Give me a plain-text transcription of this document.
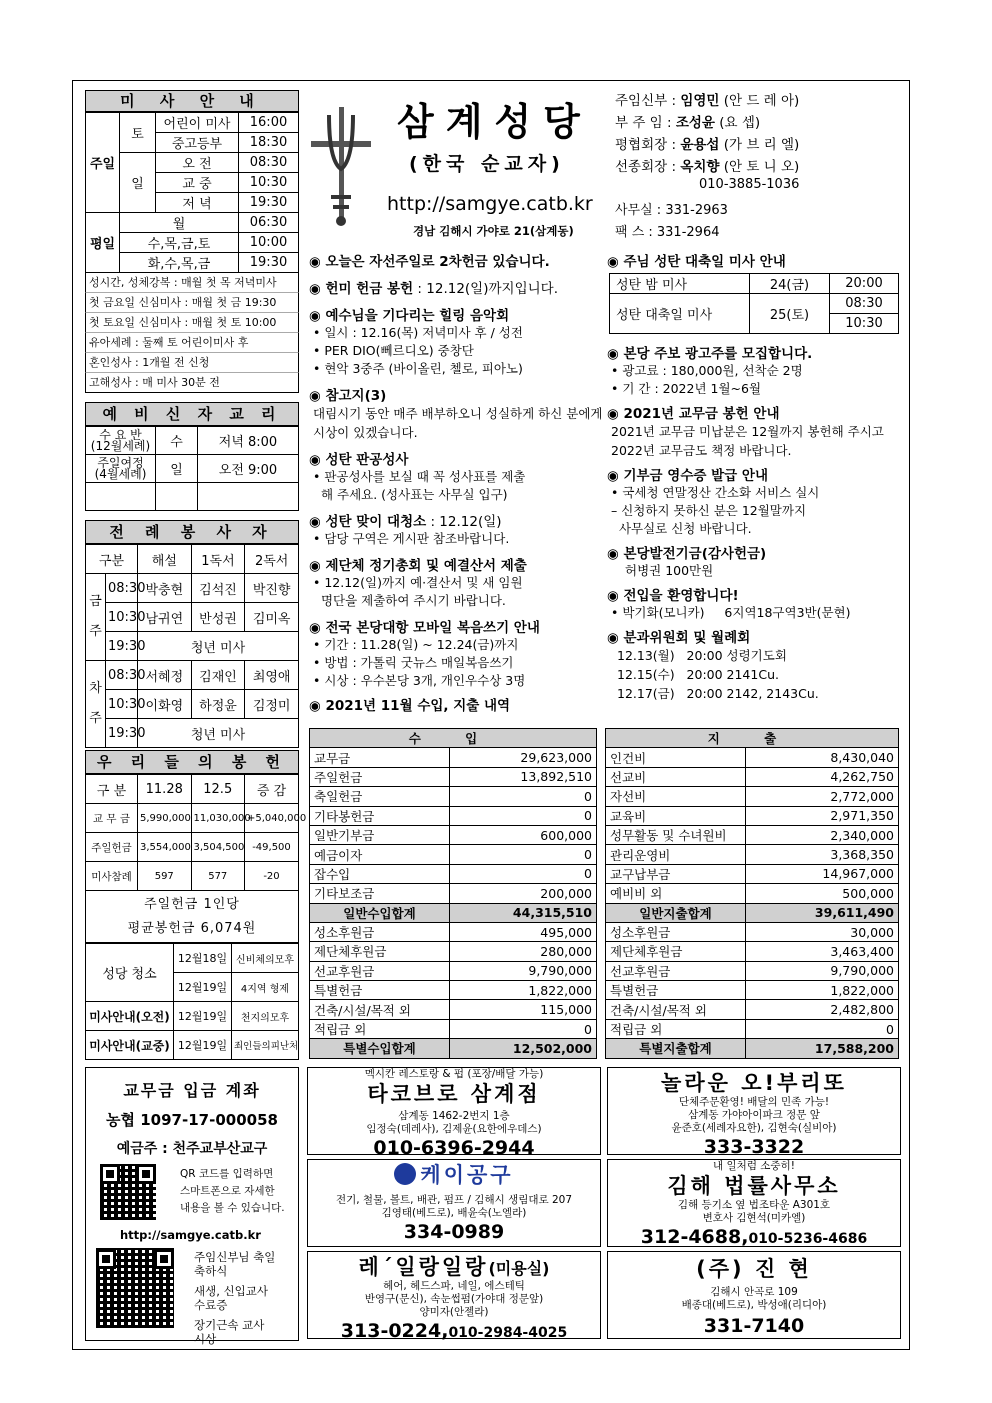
미 사 안 내
주일	토	어린이 미사	16:00
		중고등부	18:30
	일	오 전	08:30
		교 중	10:30
		저 녁	19:30
평일	월		06:30
	수,목,금,토		10:00
	화,수,목,금		19:30
성시간, 성체강복 : 매월 첫 목 저녁미사
첫 금요일 신심미사 : 매월 첫 금 19:30
첫 토요일 신심미사 : 매월 첫 토 10:00
유아세례 : 둘째 토 어린이미사 후
혼인성사 : 1개월 전 신청
고해성사 : 매 미사 30분 전
예 비 신 자 교 리
수 요 반
(12월세례)	수	저녁 8:00
주일여정
(4월세례)	일	오전 9:00

전 례 봉 사 자
구분		해설	1독서	2독서
금 주	08:30	박충현	김석진	박진향
	10:30	남귀연	반성권	김미옥
	19:30	청년 미사		
차 주	08:30	서혜정	김재인	최영애
	10:30	이화영	하정윤	김정미
	19:30	청년 미사		
우 리 들 의 봉 헌
구 분	11.28	12.5	증 감
교 무 금	5,990,000	11,030,000	+5,040,000
주일헌금	3,554,000	3,504,500	-49,500
미사참례	597	577	-20
주일헌금 1인당
평균봉헌금 6,074원			
성당 청소	12월18일	신비체의모후
	12월19일	4지역 형제
미사안내(오전)	12월19일	천지의모후
미사안내(교중)	12월19일	죄인들의피난처
삼계성당
(한국 순교자)
http://samgye.catb.kr
경남 김해시 가야로 21(삼계동)
주임신부 : 임영민 (안 드 레 아)
부 주 임 : 조성윤 (요 셉)
평협회장 : 윤용섭 (가 브 리 엘)
선종회장 : 옥치향 (안 토 니 오)
010-3885-1036
사무실 : 331-2963
팩 스 : 331-2964
◉ 오늘은 자선주일로 2차헌금 있습니다.
◉ 헌미 헌금 봉헌 : 12.12(일)까지입니다.
◉ 예수님을 기다리는 힐링 음악회
• 일시 : 12.16(목) 저녁미사 후 / 성전
• PER DIO(뻬르디오) 중창단
• 현악 3중주 (바이올린, 첼로, 피아노)
◉ 참고지(3)
대림시기 동안 매주 배부하오니 성실하게 하신 분에게 시상이 있겠습니다.
◉ 성탄 판공성사
• 판공성사를 보실 때 꼭 성사표를 제출
해 주세요. (성사표는 사무실 입구)
◉ 성탄 맞이 대청소 : 12.12(일)
• 담당 구역은 게시판 참조바랍니다.
◉ 제단체 정기총회 및 예결산서 제출
• 12.12(일)까지 예·결산서 및 새 임원
명단을 제출하여 주시기 바랍니다.
◉ 전국 본당대항 모바일 복음쓰기 안내
• 기간 : 11.28(일) ~ 12.24(금)까지
• 방법 : 가톨릭 굿뉴스 매일복음쓰기
• 시상 : 우수본당 3개, 개인우수상 3명
◉ 2021년 11월 수입, 지출 내역
◉ 주님 성탄 대축일 미사 안내
성탄 밤 미사	24(금)	20:00
성탄 대축일 미사	25(토)	08:30
		10:30
◉ 본당 주보 광고주를 모집합니다.
• 광고료 : 180,000원, 선착순 2명
• 기 간 : 2022년 1월~6월
◉ 2021년 교무금 봉헌 안내
2021년 교무금 미납분은 12월까지 봉헌해 주시고 2022년 교무금도 책정 바랍니다.
◉ 기부금 영수증 발급 안내
• 국세청 연말정산 간소화 서비스 실시
– 신청하지 못하신 분은 12월말까지
사무실로 신청 바랍니다.
◉ 본당발전기금(감사헌금)
허병권 100만원
◉ 전입을 환영합니다!
• 박기화(모니카)     6지역18구역3반(문현)
◉ 분과위원회 및 월례회
12.13(월)   20:00 성령기도회
12.15(수)   20:00 2141Cu.
12.17(금)   20:00 2142, 2143Cu.
수 입	
교무금	29,623,000
주일헌금	13,892,510
축일헌금	0
기타봉헌금	0
일반기부금	600,000
예금이자	0
잡수입	0
기타보조금	200,000
일반수입합계	44,315,510
성소후원금	495,000
제단체후원금	280,000
선교후원금	9,790,000
특별헌금	1,822,000
건축/시설/목적 외	115,000
적립금 외	0
특별수입합계	12,502,000
지 출	
인건비	8,430,040
선교비	4,262,750
자선비	2,772,000
교육비	2,971,350
성무활동 및 수녀원비	2,340,000
관리운영비	3,368,350
교구납부금	14,967,000
예비비 외	500,000
일반지출합계	39,611,490
성소후원금	30,000
제단체후원금	3,463,400
선교후원금	9,790,000
특별헌금	1,822,000
건축/시설/목적 외	2,482,800
적립금 외	0
특별지출합계	17,588,200
교무금 입금 계좌
농협 1097-17-000058
예금주 : 천주교부산교구
QR 코드를 입력하면
스마트폰으로 자세한
내용을 볼 수 있습니다.
http://samgye.catb.kr
주임신부님 축일
축하식
새생, 신입교사
수료증
장기근속 교사
시상
멕시칸 레스토랑 & 펍 (포장/배달 가능)
타코브로 삼계점
삼계동 1462-2번지 1층
임정숙(데레사), 김제윤(요한에우데스)
010-6396-2944
놀라운 오!부리또
단체주문환영! 배달의 민족 가능!
삼계동 가야아이파크 정문 앞
윤준호(세례자요한), 김현숙(실비아)
333-3322
케이공구
전기, 철물, 볼트, 배관, 펌프 / 김해시 생림대로 207
김영태(베드로), 배윤숙(노엘라)
334-0989
내 일처럼 소중히!
김해 법률사무소
김해 등기소 옆 법조타운 A301호
변호사 김현석(미카엘)
312-4688,010-5236-4686
레´일랑일랑(미용실)
헤어, 헤드스파, 네일, 에스테틱
반영구(문신), 속눈썹펌(가야대 정문앞)
양미자(안젤라)
313-0224,010-2984-4025
(주) 진 현
김해시 안곡로 109
배종대(베드로), 박성애(리디아)
331-7140
